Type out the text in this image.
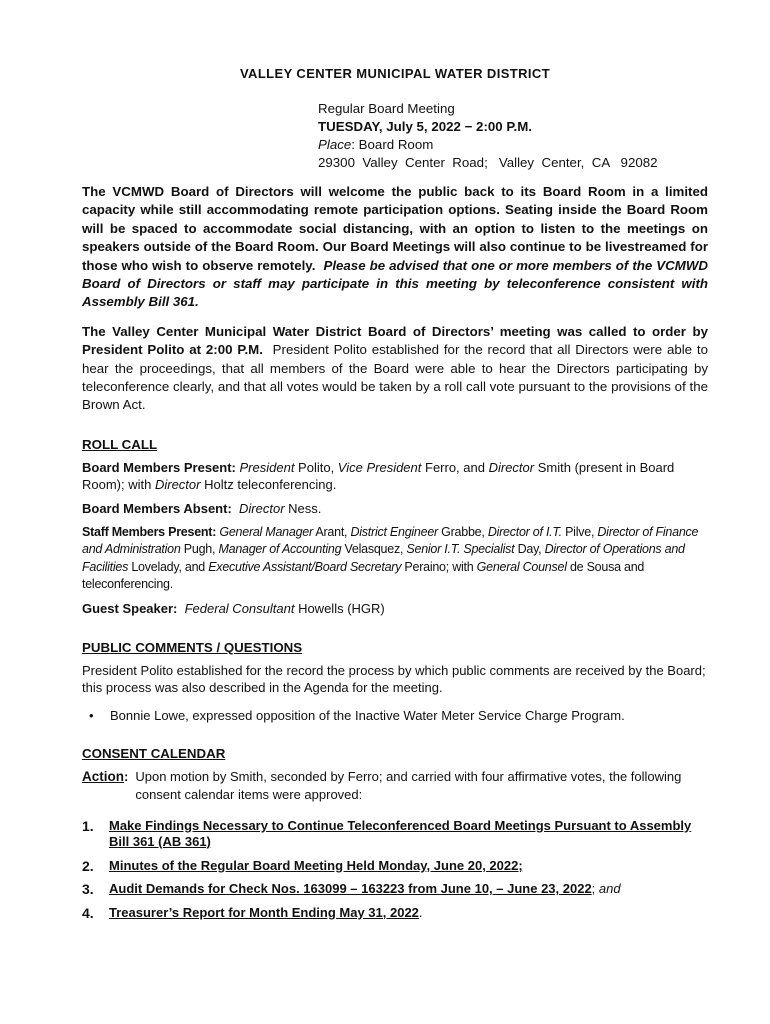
VALLEY CENTER MUNICIPAL WATER DISTRICT
Regular Board Meeting
TUESDAY, July 5, 2022 − 2:00 P.M.
Place: Board Room
29300  Valley  Center  Road;   Valley  Center,  CA   92082

The VCMWD Board of Directors will welcome the public back to its Board Room in a limited capacity while still accommodating remote participation options. Seating inside the Board Room will be spaced to accommodate social distancing, with an option to listen to the meetings on speakers outside of the Board Room. Our Board Meetings will also continue to be livestreamed for those who wish to observe remotely. Please be advised that one or more members of the VCMWD Board of Directors or staff may participate in this meeting by teleconference consistent with Assembly Bill 361.

The Valley Center Municipal Water District Board of Directors’ meeting was called to order by President Polito at 2:00 P.M. President Polito established for the record that all Directors were able to hear the proceedings, that all members of the Board were able to hear the Directors participating by teleconference clearly, and that all votes would be taken by a roll call vote pursuant to the provisions of the Brown Act.

ROLL CALL

Board Members Present: President Polito, Vice President Ferro, and Director Smith (present in Board Room); with Director Holtz teleconferencing.

Board Members Absent: Director Ness.

Staff Members Present: General Manager Arant, District Engineer Grabbe, Director of I.T. Pilve, Director of Finance and Administration Pugh, Manager of Accounting Velasquez, Senior I.T. Specialist Day, Director of Operations and Facilities Lovelady, and Executive Assistant/Board Secretary Peraino; with General Counsel de Sousa and teleconferencing.

Guest Speaker: Federal Consultant Howells (HGR)

PUBLIC COMMENTS / QUESTIONS

President Polito established for the record the process by which public comments are received by the Board; this process was also described in the Agenda for the meeting.

• Bonnie Lowe, expressed opposition of the Inactive Water Meter Service Charge Program.
CONSENT CALENDAR
Action : Upon motion by Smith, seconded by Ferro; and carried with four affirmative votes, the following consent calendar items were approved:
1.	Make Findings Necessary to Continue Teleconferenced Board Meetings Pursuant to Assembly Bill 361 (AB 361)
2.	Minutes of the Regular Board Meeting Held Monday, June 20, 2022;
3.	Audit Demands for Check Nos. 163099 – 163223 from June 10, – June 23, 2022; and
4.	Treasurer’s Report for Month Ending May 31, 2022.
